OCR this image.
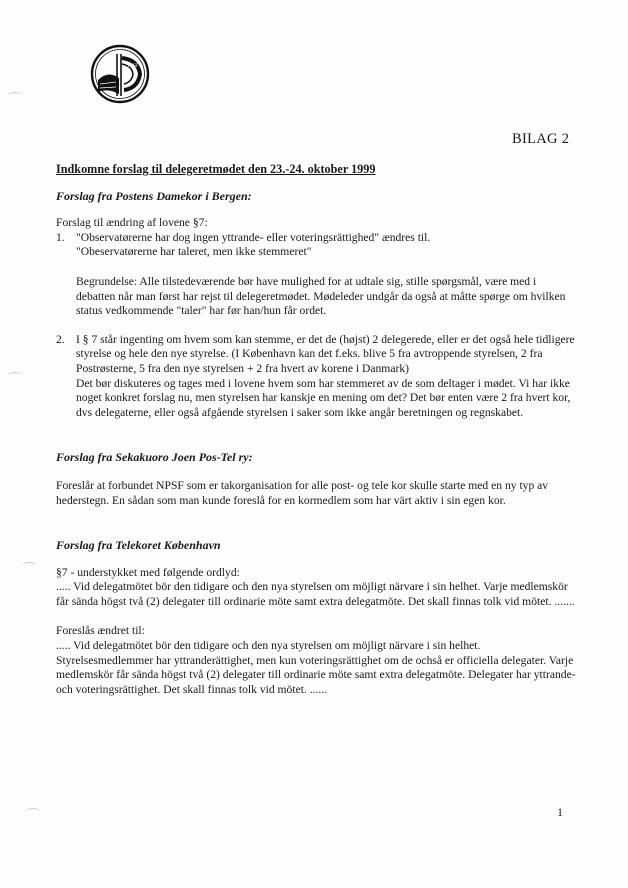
NPSF
BILAG 2

Indkomne forslag til delegeretmødet den 23.-24. oktober 1999

Forslag fra Postens Damekor i Bergen:

Forslag til ændring af lovene §7:

1. "Observatørerne har dog ingen yttrande- eller voteringsrättighed" ændres til.

"Obeservatørerne har taleret, men ikke stemmeret"

Begrundelse: Alle tilstedeværende bør have mulighed for at udtale sig, stille spørgsmål, være med i debatten når man først har rejst til delegeretmødet. Mødeleder undgår da også at måtte spørge om hvilken status vedkommende "taler" har før han/hun får ordet.

2. I § 7 står ingenting om hvem som kan stemme, er det de (højst) 2 delegerede, eller er det også hele tidligere styrelse og hele den nye styrelse. (I København kan det f.eks. blive 5 fra avtroppende styrelsen, 2 fra Postrøsterne, 5 fra den nye styrelsen + 2 fra hvert av korene i Danmark)

Det bør diskuteres og tages med i lovene hvem som har stemmeret av de som deltager i mødet. Vi har ikke noget konkret forslag nu, men styrelsen har kanskje en mening om det? Det bør enten være 2 fra hvert kor, dvs delegaterne, eller også afgående styrelsen i saker som ikke angår beretningen og regnskabet.

Forslag fra Sekakuoro Joen Pos-Tel ry:

Foreslår at forbundet NPSF som er takorganisation for alle post- og tele kor skulle starte med en ny typ av hederstegn. En sådan som man kunde foreslå for en kormedlem som har värt aktiv i sin egen kor.

Forslag fra Telekoret København

§7 - understykket med følgende ordlyd:

..... Vid delegatmötet bör den tidigare och den nya styrelsen om möjligt närvare i sin helhet. Varje medlemskör får sända högst två (2) delegater till ordinarie möte samt extra delegatmöte. Det skall finnas tolk vid mötet. .......

Foreslås ændret til:

..... Vid delegatmötet bör den tidigare och den nya styrelsen om möjligt närvare i sin helhet. Styrelsesmedlemmer har yttranderättighet, men kun voteringsrättighet om de ochså er officiella delegater. Varje medlemskör får sända högst två (2) delegater till ordinarie möte samt extra delegatmöte. Delegater har yttrande- och voteringsrättighet. Det skall finnas tolk vid mötet. ......

1
